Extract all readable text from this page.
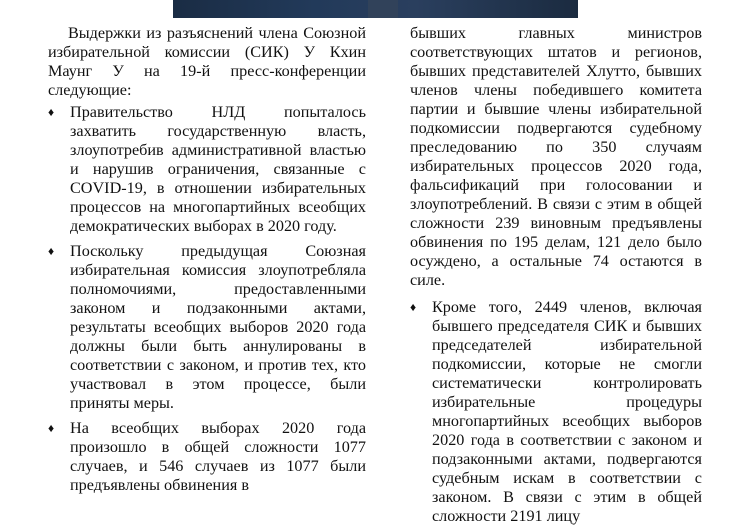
Выдержки из разъяснений члена Союзной избирательной комиссии (СИК) У Кхин Маунг У на 19-й пресс-конференции следующие:

♦ Правительство НЛД попыталось захватить государственную власть, злоупотребив административной властью и нарушив ограничения, связанные с COVID-19, в отношении избирательных процессов на многопартийных всеобщих демократических выборах в 2020 году.
♦ Поскольку предыдущая Союзная избирательная комиссия злоупотребляла полномочиями, предоставленными законом и подзаконными актами, результаты всеобщих выборов 2020 года должны были быть аннулированы в соответствии с законом, и против тех, кто участвовал в этом процессе, были приняты меры.
♦ На всеобщих выборах 2020 года произошло в общей сложности 1077 случаев, и 546 случаев из 1077 были предъявлены обвинения в

бывших главных министров соответствующих штатов и регионов, бывших представителей Хлутто, бывших членов члены победившего комитета партии и бывшие члены избирательной подкомиссии подвергаются судебному преследованию по 350 случаям избирательных процессов 2020 года, фальсификаций при голосовании и злоупотреблений. В связи с этим в общей сложности 239 виновным предъявлены обвинения по 195 делам, 121 дело было осуждено, а остальные 74 остаются в силе.

♦ Кроме того, 2449 членов, включая бывшего председателя СИК и бывших председателей избирательной подкомиссии, которые не смогли систематически контролировать избирательные процедуры многопартийных всеобщих выборов 2020 года в соответствии с законом и подзаконными актами, подвергаются судебным искам в соответствии с законом. В связи с этим в общей сложности 2191 лицу
